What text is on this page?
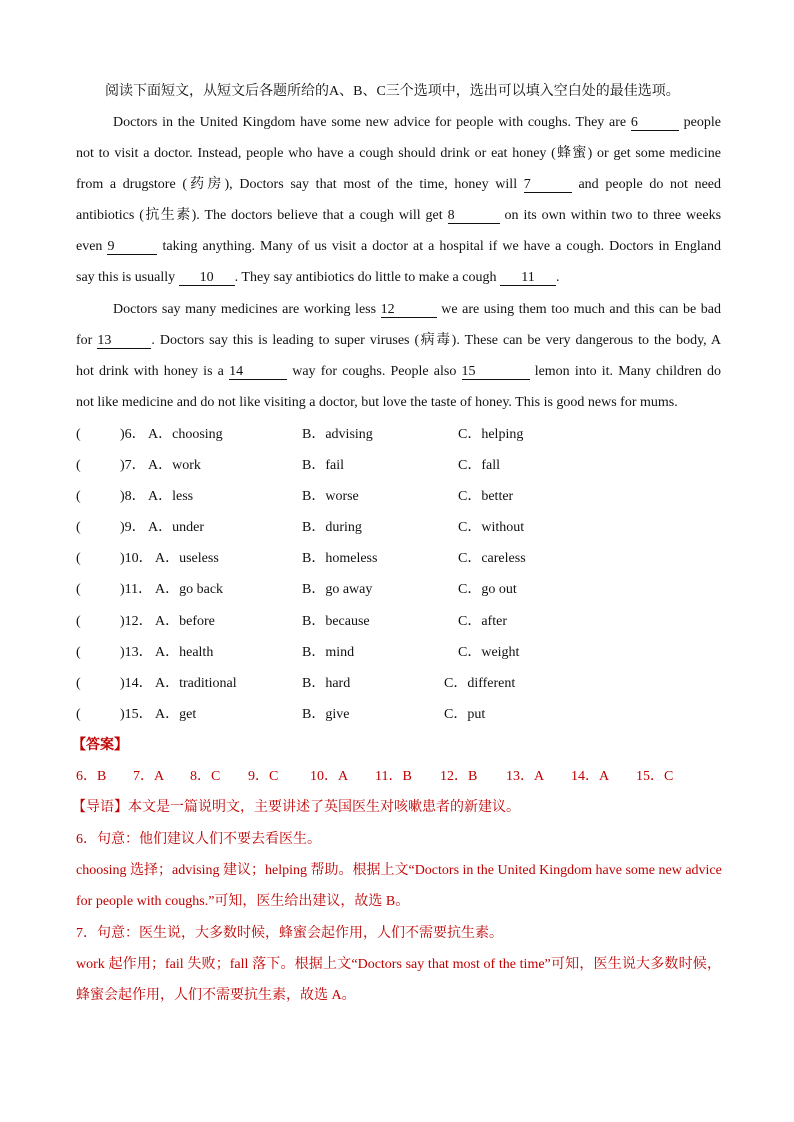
阅读下面短文，从短文后各题所给的A、B、C三个选项中，选出可以填入空白处的最佳选项。
Doctors in the United Kingdom have some new advice for people with coughs. They are 6	people
not to visit a doctor. Instead, people who have a cough should drink or eat honey (蜂蜜) or get some medicine
from a drugstore (药房), Doctors say that most of the time, honey will 7	and people do not need
antibiotics (抗生素). The doctors believe that a cough will get 8	on its own within two to three weeks
even 9	taking anything. Many of us visit a doctor at a hospital if we have a cough. Doctors in England
say this is usually 10 . They say antibiotics do little to make a cough 11 .
Doctors say many medicines are working less 12	we are using them too much and this can be bad
for 13	. Doctors say this is leading to super viruses (病毒). These can be very dangerous to the body, A
hot drink with honey is a 14	way for coughs. People also 15	lemon into it. Many children do
not like medicine and do not like visiting a doctor, but love the taste of honey. This is good news for mums.
(	)6． A．choosing	B．advising	C．helping
(	)7． A．work	B．fail	C．fall
(	)8． A．less	B．worse	C．better
(	)9． A．under	B．during	C．without
(	)10． A．useless	B．homeless	C．careless
(	)11． A．go back	B．go away	C．go out
(	)12． A．before	B．because	C．after
(	)13． A．health	B．mind	C．weight
(	)14． A．traditional	B．hard	C．different
(	)15． A．get	B．give	C．put
【答案】
6．B 7．A 8．C 9．C 10．A 11．B 12．B 13．A 14．A 15．C
【导语】本文是一篇说明文，主要讲述了英国医生对咳嗽患者的新建议。
6．句意：他们建议人们不要去看医生。
choosing 选择；advising 建议；helping 帮助。根据上文“Doctors in the United Kingdom have some new advice
for people with coughs.”可知，医生给出建议，故选 B。
7．句意：医生说，大多数时候，蜂蜜会起作用，人们不需要抗生素。
work 起作用；fail 失败；fall 落下。根据上文“Doctors say that most of the time”可知，医生说大多数时候，
蜂蜜会起作用，人们不需要抗生素，故选 A。
